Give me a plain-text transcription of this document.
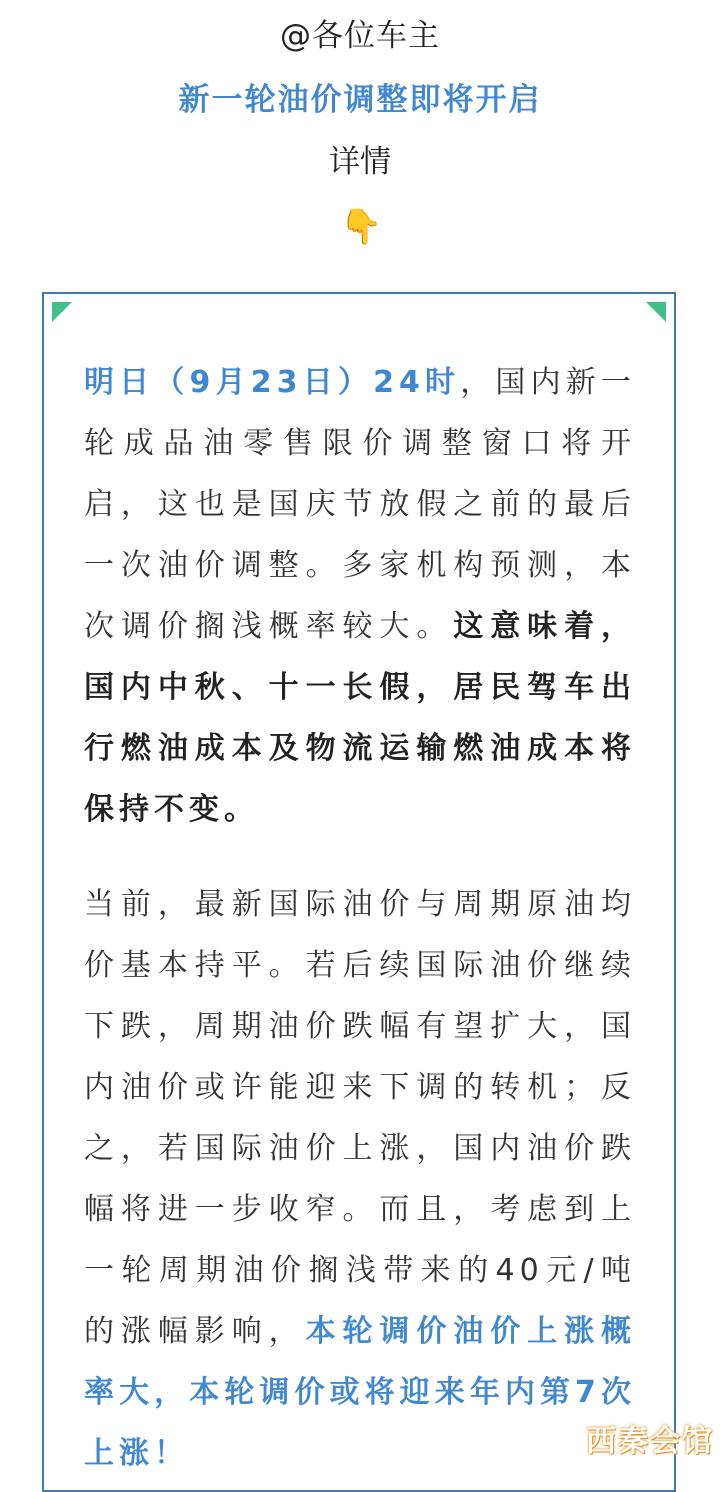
@各位车主
新一轮油价调整即将开启
详情
👇
明日（9月23日）24时，国内新一轮成品油零售限价调整窗口将开启，这也是国庆节放假之前的最后一次油价调整。多家机构预测，本次调价搁浅概率较大。这意味着，国内中秋、十一长假，居民驾车出行燃油成本及物流运输燃油成本将保持不变。
当前，最新国际油价与周期原油均价基本持平。若后续国际油价继续下跌，周期油价跌幅有望扩大，国内油价或许能迎来下调的转机；反之，若国际油价上涨，国内油价跌幅将进一步收窄。而且，考虑到上一轮周期油价搁浅带来的40元/吨的涨幅影响，本轮调价油价上涨概率大，本轮调价或将迎来年内第7次上涨！	西秦会馆
